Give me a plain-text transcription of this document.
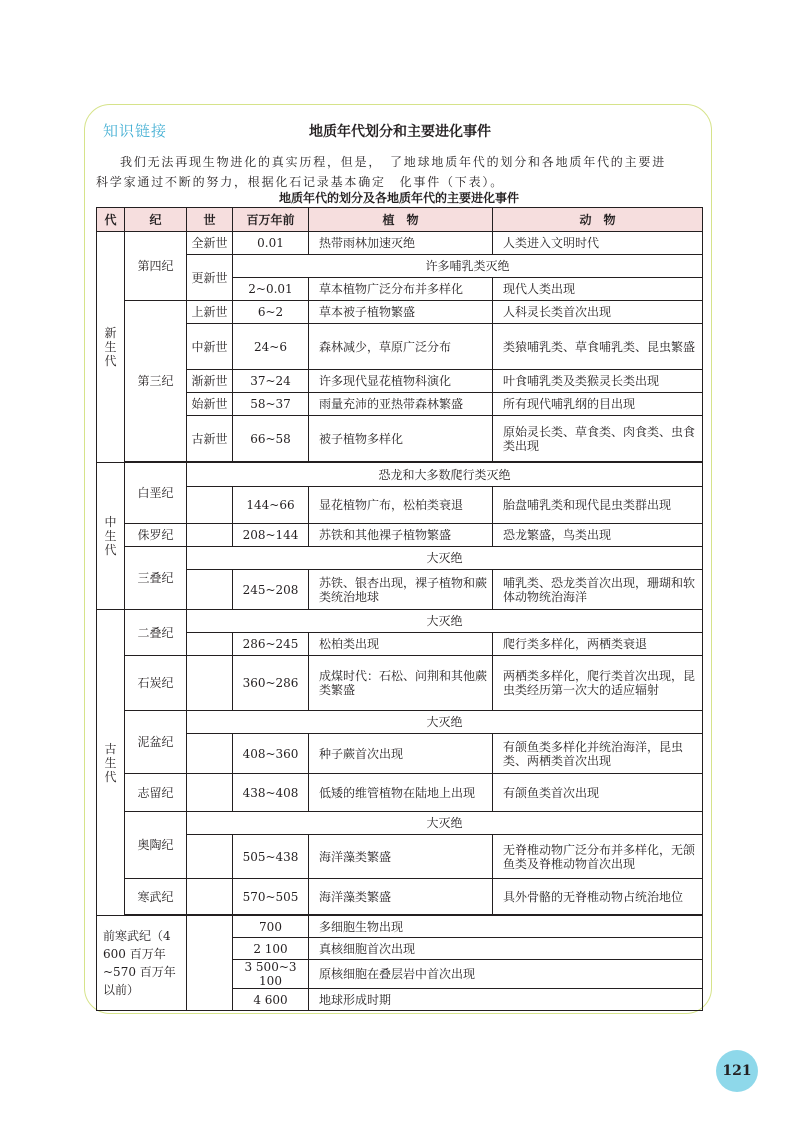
知识链接	地质年代划分和主要进化事件

我们无法再现生物进化的真实历程，但是，　了地球地质年代的划分和各地质年代的主要进

科学家通过不断的努力，根据化石记录基本确定　化事件（下表）。

地质年代的划分及各地质年代的主要进化事件
代	纪	世	百万年前	植　物	动　物

新
生
代	第四纪	全新世	0.01	热带雨林加速灭绝	人类进入文明时代
		更新世	许多哺乳类灭绝		
			2~0.01	草本植物广泛分布并多样化	现代人类出现
	第三纪	上新世	6~2	草本被子植物繁盛	人科灵长类首次出现
		中新世	24~6	森林减少，草原广泛分布	类猿哺乳类、草食哺乳类、昆虫繁盛
		渐新世	37~24	许多现代显花植物科演化	叶食哺乳类及类猴灵长类出现
		始新世	58~37	雨量充沛的亚热带森林繁盛	所有现代哺乳纲的目出现
		古新世	66~58	被子植物多样化	原始灵长类、草食类、肉食类、虫食类出现

中
生
代	白垩纪	恐龙和大多数爬行类灭绝			
			144~66	显花植物广布，松柏类衰退	胎盘哺乳类和现代昆虫类群出现
	侏罗纪		208~144	苏铁和其他裸子植物繁盛	恐龙繁盛，鸟类出现
	三叠纪	大灭绝			
			245~208	苏铁、银杏出现，裸子植物和蕨类统治地球	哺乳类、恐龙类首次出现，珊瑚和软体动物统治海洋

古
生
代	二叠纪	大灭绝			
			286~245	松柏类出现	爬行类多样化，两栖类衰退
	石炭纪		360~286	成煤时代：石松、问荆和其他蕨类繁盛	两栖类多样化，爬行类首次出现，昆虫类经历第一次大的适应辐射
	泥盆纪	大灭绝			
			408~360	种子蕨首次出现	有颌鱼类多样化并统治海洋，昆虫类、两栖类首次出现
	志留纪		438~408	低矮的维管植物在陆地上出现	有颌鱼类首次出现
	奥陶纪	大灭绝			
			505~438	海洋藻类繁盛	无脊椎动物广泛分布并多样化，无颌鱼类及脊椎动物首次出现
	寒武纪		570~505	海洋藻类繁盛	具外骨骼的无脊椎动物占统治地位

前寒武纪（4 600 百万年~570 百万年以前）			700	多细胞生物出现	
			2 100	真核细胞首次出现	
			3 500~3 100	原核细胞在叠层岩中首次出现	
			4 600	地球形成时期	
121
